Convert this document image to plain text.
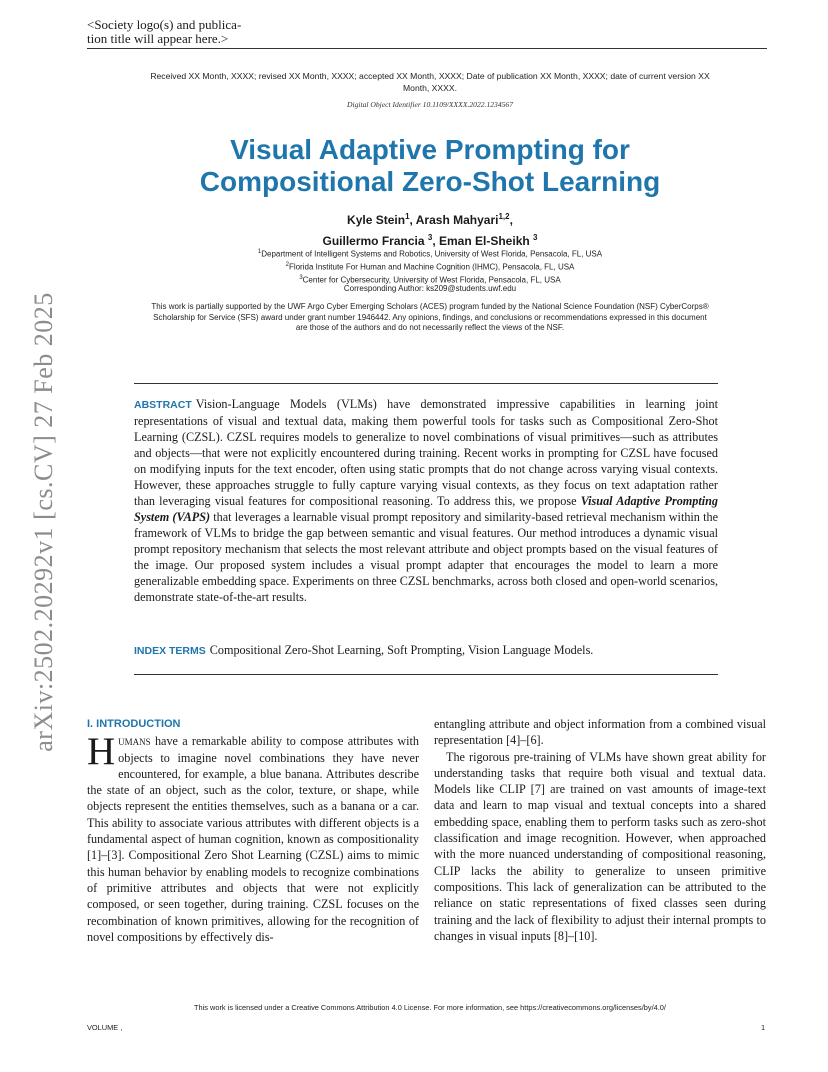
arXiv:2502.20292v1 [cs.CV] 27 Feb 2025
<Society logo(s) and publica-
tion title will appear here.>
Received XX Month, XXXX; revised XX Month, XXXX; accepted XX Month, XXXX; Date of publication XX Month, XXXX; date of current version XX Month, XXXX.
Digital Object Identifier 10.1109/XXXX.2022.1234567
Visual Adaptive Prompting for
Compositional Zero-Shot Learning
Kyle Stein$^1$, Arash Mahyari$^{1,2}$,
Guillermo Francia $^3$, Eman El-Sheikh $^3$
$^1$Department of Intelligent Systems and Robotics, University of West Florida, Pensacola, FL, USA
$^2$Florida Institute For Human and Machine Cognition (IHMC), Pensacola, FL, USA
$^3$Center for Cybersecurity, University of West Florida, Pensacola, FL, USA
Corresponding Author: ks209@students.uwf.edu
This work is partially supported by the UWF Argo Cyber Emerging Scholars (ACES) program funded by the National Science Foundation (NSF) CyberCorps® Scholarship for Service (SFS) award under grant number 1946442. Any opinions, findings, and conclusions or recommendations expressed in this document are those of the authors and do not necessarily reflect the views of the NSF.
ABSTRACT Vision-Language Models (VLMs) have demonstrated impressive capabilities in learning joint representations of visual and textual data, making them powerful tools for tasks such as Compositional Zero-Shot Learning (CZSL). CZSL requires models to generalize to novel combinations of visual primitives—such as attributes and objects—that were not explicitly encountered during training. Recent works in prompting for CZSL have focused on modifying inputs for the text encoder, often using static prompts that do not change across varying visual contexts. However, these approaches struggle to fully capture varying visual contexts, as they focus on text adaptation rather than leveraging visual features for compositional reasoning. To address this, we propose Visual Adaptive Prompting System (VAPS) that leverages a learnable visual prompt repository and similarity-based retrieval mechanism within the framework of VLMs to bridge the gap between semantic and visual features. Our method introduces a dynamic visual prompt repository mechanism that selects the most relevant attribute and object prompts based on the visual features of the image. Our proposed system includes a visual prompt adapter that encourages the model to learn a more generalizable embedding space. Experiments on three CZSL benchmarks, across both closed and open-world scenarios, demonstrate state-of-the-art results.
INDEX TERMS Compositional Zero-Shot Learning, Soft Prompting, Vision Language Models.
I. INTRODUCTION
Humans have a remarkable ability to compose attributes with objects to imagine novel combinations they have never encountered, for example, a blue banana. Attributes describe the state of an object, such as the color, texture, or shape, while objects represent the entities themselves, such as a banana or a car. This ability to associate various attributes with different objects is a fundamental aspect of human cognition, known as compositionality [1]–[3]. Compositional Zero Shot Learning (CZSL) aims to mimic this human behavior by enabling models to recognize combinations of primitive attributes and objects that were not explicitly composed, or seen together, during training. CZSL focuses on the recombination of known primitives, allowing for the recognition of novel compositions by effectively dis-
entangling attribute and object information from a combined visual representation [4]–[6].
The rigorous pre-training of VLMs have shown great ability for understanding tasks that require both visual and textual data. Models like CLIP [7] are trained on vast amounts of image-text data and learn to map visual and textual concepts into a shared embedding space, enabling them to perform tasks such as zero-shot classification and image recognition. However, when approached with the more nuanced understanding of compositional reasoning, CLIP lacks the ability to generalize to unseen primitive compositions. This lack of generalization can be attributed to the reliance on static representations of fixed classes seen during training and the lack of flexibility to adjust their internal prompts to changes in visual inputs [8]–[10].
This work is licensed under a Creative Commons Attribution 4.0 License. For more information, see https://creativecommons.org/licenses/by/4.0/
VOLUME ,	1
